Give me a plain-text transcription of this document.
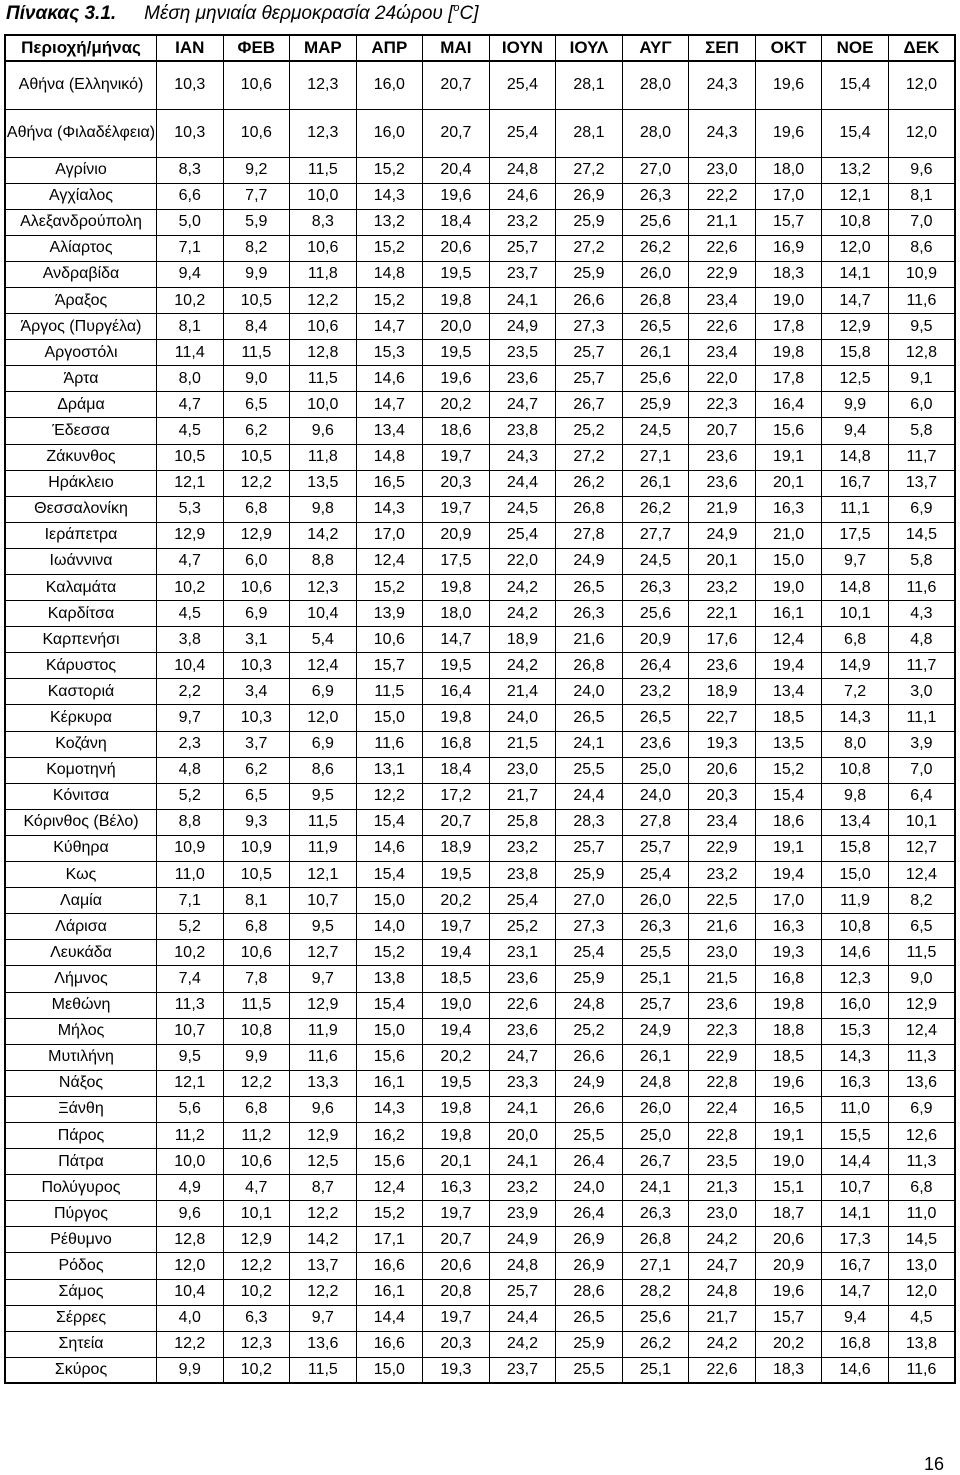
Πίνακας 3.1. Μέση μηνιαία θερμοκρασία 24ώρου [$^o$C]
Περιοχή/μήνας	ΙΑΝ	ΦΕΒ	ΜΑΡ	ΑΠΡ	ΜΑΙ	ΙΟΥΝ	ΙΟΥΛ	ΑΥΓ	ΣΕΠ	ΟΚΤ	ΝΟΕ	ΔΕΚ
Αθήνα (Ελληνικό)	10,3	10,6	12,3	16,0	20,7	25,4	28,1	28,0	24,3	19,6	15,4	12,0
Αθήνα (Φιλαδέλφεια)	10,3	10,6	12,3	16,0	20,7	25,4	28,1	28,0	24,3	19,6	15,4	12,0
Αγρίνιο	8,3	9,2	11,5	15,2	20,4	24,8	27,2	27,0	23,0	18,0	13,2	9,6
Αγχίαλος	6,6	7,7	10,0	14,3	19,6	24,6	26,9	26,3	22,2	17,0	12,1	8,1
Αλεξανδρούπολη	5,0	5,9	8,3	13,2	18,4	23,2	25,9	25,6	21,1	15,7	10,8	7,0
Αλίαρτος	7,1	8,2	10,6	15,2	20,6	25,7	27,2	26,2	22,6	16,9	12,0	8,6
Ανδραβίδα	9,4	9,9	11,8	14,8	19,5	23,7	25,9	26,0	22,9	18,3	14,1	10,9
Άραξος	10,2	10,5	12,2	15,2	19,8	24,1	26,6	26,8	23,4	19,0	14,7	11,6
Άργος (Πυργέλα)	8,1	8,4	10,6	14,7	20,0	24,9	27,3	26,5	22,6	17,8	12,9	9,5
Αργοστόλι	11,4	11,5	12,8	15,3	19,5	23,5	25,7	26,1	23,4	19,8	15,8	12,8
Άρτα	8,0	9,0	11,5	14,6	19,6	23,6	25,7	25,6	22,0	17,8	12,5	9,1
Δράμα	4,7	6,5	10,0	14,7	20,2	24,7	26,7	25,9	22,3	16,4	9,9	6,0
Έδεσσα	4,5	6,2	9,6	13,4	18,6	23,8	25,2	24,5	20,7	15,6	9,4	5,8
Ζάκυνθος	10,5	10,5	11,8	14,8	19,7	24,3	27,2	27,1	23,6	19,1	14,8	11,7
Ηράκλειο	12,1	12,2	13,5	16,5	20,3	24,4	26,2	26,1	23,6	20,1	16,7	13,7
Θεσσαλονίκη	5,3	6,8	9,8	14,3	19,7	24,5	26,8	26,2	21,9	16,3	11,1	6,9
Ιεράπετρα	12,9	12,9	14,2	17,0	20,9	25,4	27,8	27,7	24,9	21,0	17,5	14,5
Ιωάννινα	4,7	6,0	8,8	12,4	17,5	22,0	24,9	24,5	20,1	15,0	9,7	5,8
Καλαμάτα	10,2	10,6	12,3	15,2	19,8	24,2	26,5	26,3	23,2	19,0	14,8	11,6
Καρδίτσα	4,5	6,9	10,4	13,9	18,0	24,2	26,3	25,6	22,1	16,1	10,1	4,3
Καρπενήσι	3,8	3,1	5,4	10,6	14,7	18,9	21,6	20,9	17,6	12,4	6,8	4,8
Κάρυστος	10,4	10,3	12,4	15,7	19,5	24,2	26,8	26,4	23,6	19,4	14,9	11,7
Καστοριά	2,2	3,4	6,9	11,5	16,4	21,4	24,0	23,2	18,9	13,4	7,2	3,0
Κέρκυρα	9,7	10,3	12,0	15,0	19,8	24,0	26,5	26,5	22,7	18,5	14,3	11,1
Κοζάνη	2,3	3,7	6,9	11,6	16,8	21,5	24,1	23,6	19,3	13,5	8,0	3,9
Κομοτηνή	4,8	6,2	8,6	13,1	18,4	23,0	25,5	25,0	20,6	15,2	10,8	7,0
Κόνιτσα	5,2	6,5	9,5	12,2	17,2	21,7	24,4	24,0	20,3	15,4	9,8	6,4
Κόρινθος (Βέλο)	8,8	9,3	11,5	15,4	20,7	25,8	28,3	27,8	23,4	18,6	13,4	10,1
Κύθηρα	10,9	10,9	11,9	14,6	18,9	23,2	25,7	25,7	22,9	19,1	15,8	12,7
Κως	11,0	10,5	12,1	15,4	19,5	23,8	25,9	25,4	23,2	19,4	15,0	12,4
Λαμία	7,1	8,1	10,7	15,0	20,2	25,4	27,0	26,0	22,5	17,0	11,9	8,2
Λάρισα	5,2	6,8	9,5	14,0	19,7	25,2	27,3	26,3	21,6	16,3	10,8	6,5
Λευκάδα	10,2	10,6	12,7	15,2	19,4	23,1	25,4	25,5	23,0	19,3	14,6	11,5
Λήμνος	7,4	7,8	9,7	13,8	18,5	23,6	25,9	25,1	21,5	16,8	12,3	9,0
Μεθώνη	11,3	11,5	12,9	15,4	19,0	22,6	24,8	25,7	23,6	19,8	16,0	12,9
Μήλος	10,7	10,8	11,9	15,0	19,4	23,6	25,2	24,9	22,3	18,8	15,3	12,4
Μυτιλήνη	9,5	9,9	11,6	15,6	20,2	24,7	26,6	26,1	22,9	18,5	14,3	11,3
Νάξος	12,1	12,2	13,3	16,1	19,5	23,3	24,9	24,8	22,8	19,6	16,3	13,6
Ξάνθη	5,6	6,8	9,6	14,3	19,8	24,1	26,6	26,0	22,4	16,5	11,0	6,9
Πάρος	11,2	11,2	12,9	16,2	19,8	20,0	25,5	25,0	22,8	19,1	15,5	12,6
Πάτρα	10,0	10,6	12,5	15,6	20,1	24,1	26,4	26,7	23,5	19,0	14,4	11,3
Πολύγυρος	4,9	4,7	8,7	12,4	16,3	23,2	24,0	24,1	21,3	15,1	10,7	6,8
Πύργος	9,6	10,1	12,2	15,2	19,7	23,9	26,4	26,3	23,0	18,7	14,1	11,0
Ρέθυμνο	12,8	12,9	14,2	17,1	20,7	24,9	26,9	26,8	24,2	20,6	17,3	14,5
Ρόδος	12,0	12,2	13,7	16,6	20,6	24,8	26,9	27,1	24,7	20,9	16,7	13,0
Σάμος	10,4	10,2	12,2	16,1	20,8	25,7	28,6	28,2	24,8	19,6	14,7	12,0
Σέρρες	4,0	6,3	9,7	14,4	19,7	24,4	26,5	25,6	21,7	15,7	9,4	4,5
Σητεία	12,2	12,3	13,6	16,6	20,3	24,2	25,9	26,2	24,2	20,2	16,8	13,8
Σκύρος	9,9	10,2	11,5	15,0	19,3	23,7	25,5	25,1	22,6	18,3	14,6	11,6
16
